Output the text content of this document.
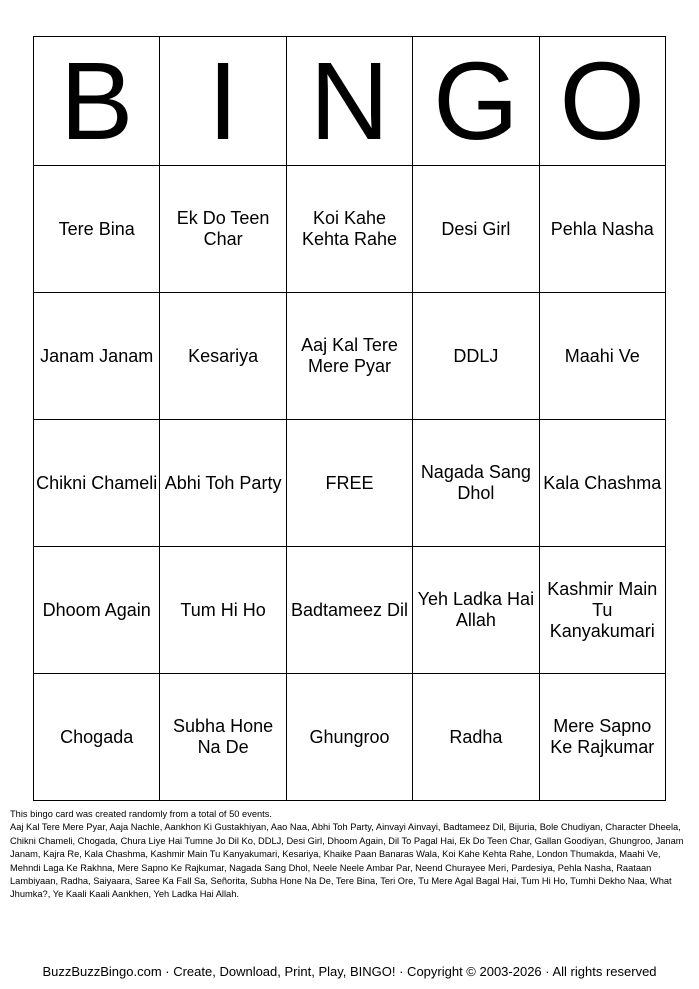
B	I	N	G	O
Tere Bina	Ek Do Teen Char	Koi Kahe Kehta Rahe	Desi Girl	Pehla Nasha
Janam Janam	Kesariya	Aaj Kal Tere Mere Pyar	DDLJ	Maahi Ve
Chikni Chameli	Abhi Toh Party	FREE	Nagada Sang Dhol	Kala Chashma
Dhoom Again	Tum Hi Ho	Badtameez Dil	Yeh Ladka Hai Allah	Kashmir Main Tu Kanyakumari
Chogada	Subha Hone Na De	Ghungroo	Radha	Mere Sapno Ke Rajkumar
This bingo card was created randomly from a total of 50 events.
Aaj Kal Tere Mere Pyar, Aaja Nachle, Aankhon Ki Gustakhiyan, Aao Naa, Abhi Toh Party, Ainvayi Ainvayi, Badtameez Dil, Bijuria, Bole Chudiyan, Character Dheela, Chikni Chameli, Chogada, Chura Liye Hai Tumne Jo Dil Ko, DDLJ, Desi Girl, Dhoom Again, Dil To Pagal Hai, Ek Do Teen Char, Gallan Goodiyan, Ghungroo, Janam Janam, Kajra Re, Kala Chashma, Kashmir Main Tu Kanyakumari, Kesariya, Khaike Paan Banaras Wala, Koi Kahe Kehta Rahe, London Thumakda, Maahi Ve, Mehndi Laga Ke Rakhna, Mere Sapno Ke Rajkumar, Nagada Sang Dhol, Neele Neele Ambar Par, Neend Churayee Meri, Pardesiya, Pehla Nasha, Raataan Lambiyaan, Radha, Saiyaara, Saree Ka Fall Sa, Señorita, Subha Hone Na De, Tere Bina, Teri Ore, Tu Mere Agal Bagal Hai, Tum Hi Ho, Tumhi Dekho Naa, What Jhumka?, Ye Kaali Kaali Aankhen, Yeh Ladka Hai Allah.
BuzzBuzzBingo.com · Create, Download, Print, Play, BINGO! · Copyright © 2003-2026 · All rights reserved
